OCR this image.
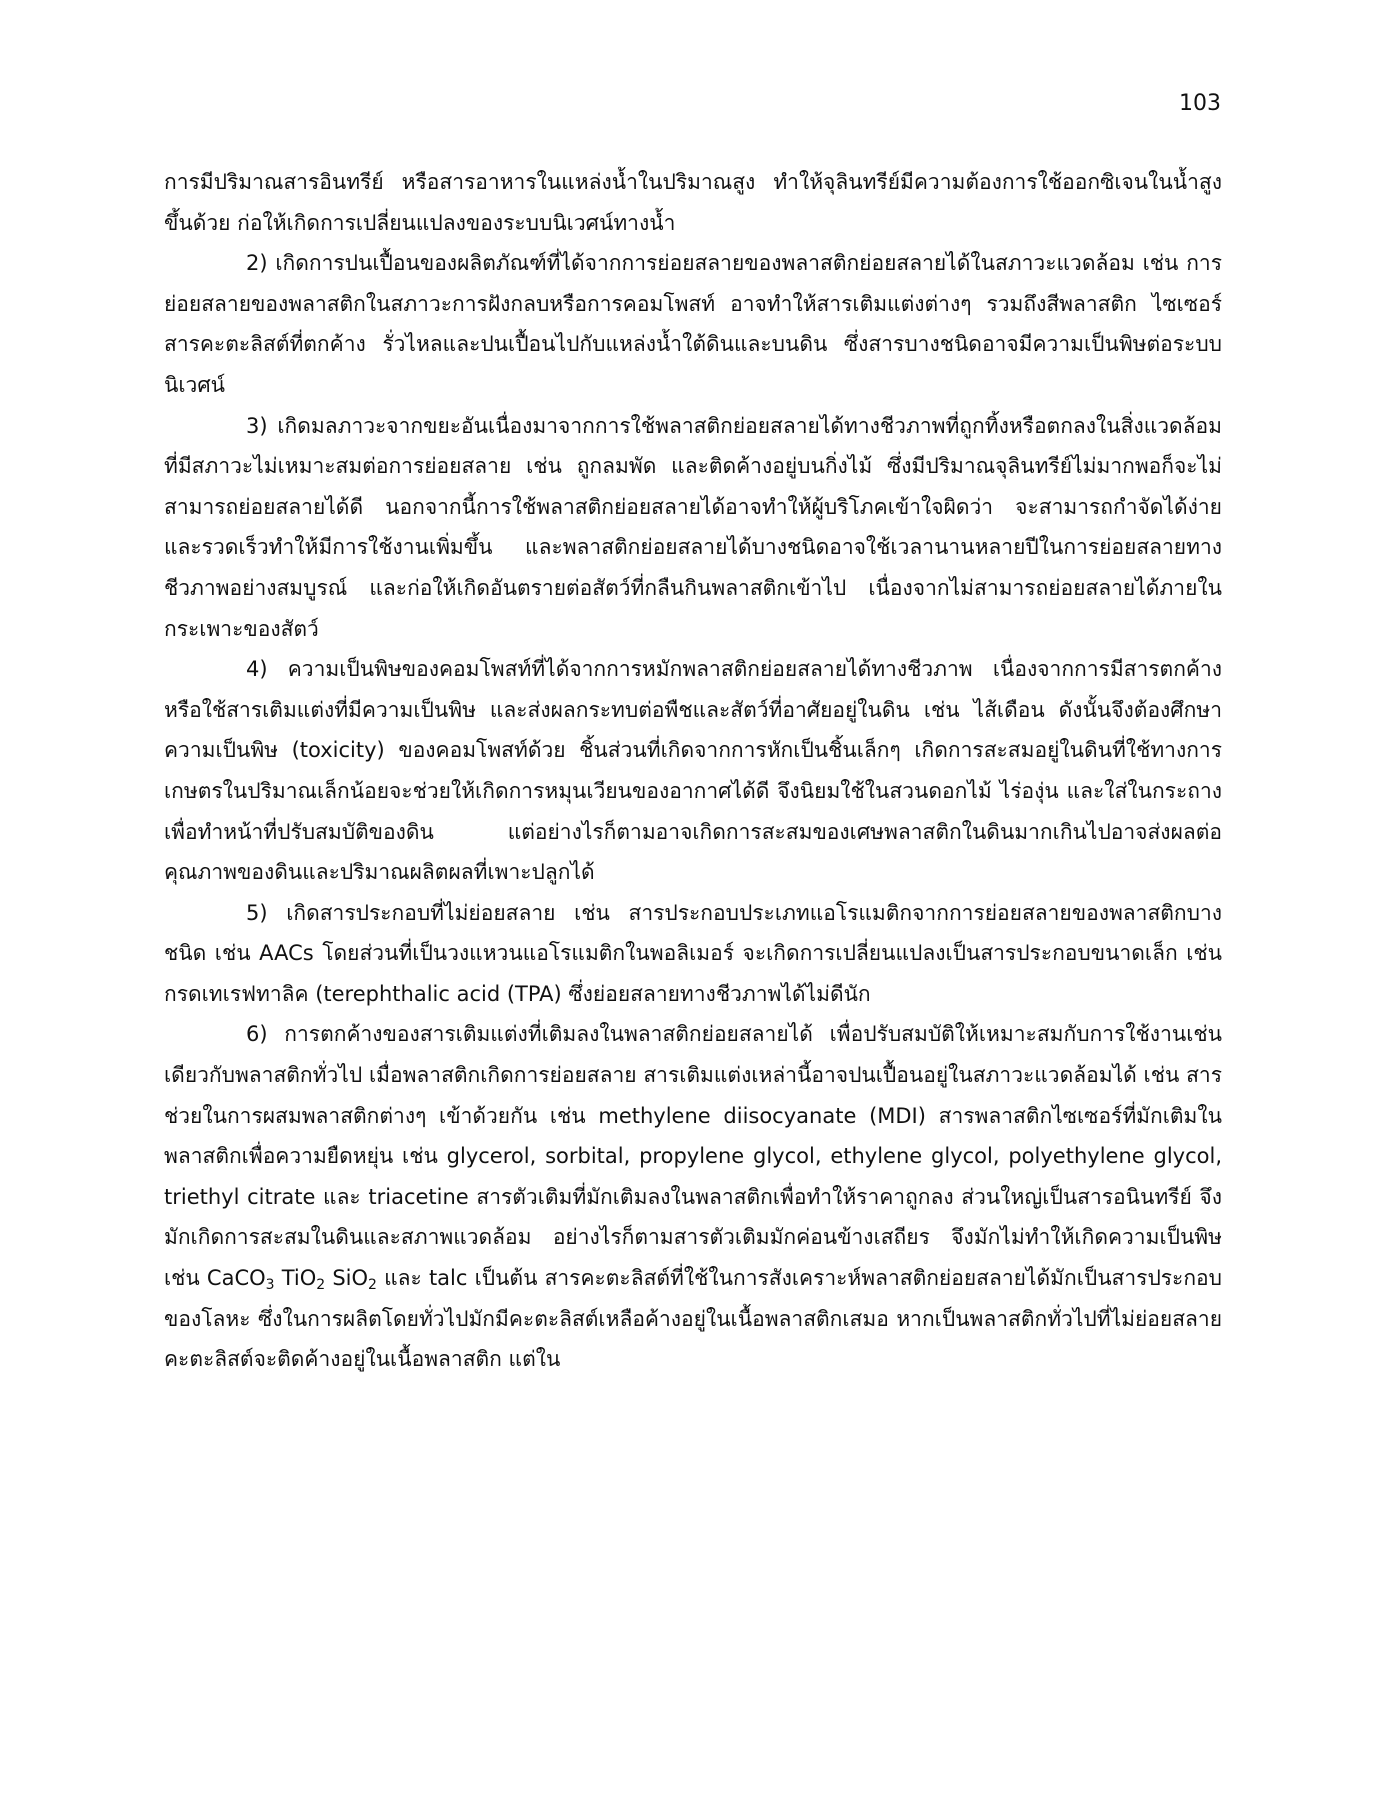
103

การมีปริมาณสารอินทรีย์ หรือสารอาหารในแหล่งน้ำในปริมาณสูง ทำให้จุลินทรีย์มีความต้องการใช้ออกซิเจนในน้ำสูงขึ้นด้วย ก่อให้เกิดการเปลี่ยนแปลงของระบบนิเวศน์ทางน้ำ

2) เกิดการปนเปื้อนของผลิตภัณฑ์ที่ได้จากการย่อยสลายของพลาสติกย่อยสลายได้ในสภาวะแวดล้อม เช่น การย่อยสลายของพลาสติกในสภาวะการฝังกลบหรือการคอมโพสท์ อาจทำให้สารเติมแต่งต่างๆ รวมถึงสีพลาสติก ไซเซอร์ สารคะตะลิสต์ที่ตกค้าง รั่วไหลและปนเปื้อนไปกับแหล่งน้ำใต้ดินและบนดิน ซึ่งสารบางชนิดอาจมีความเป็นพิษต่อระบบนิเวศน์

3) เกิดมลภาวะจากขยะอันเนื่องมาจากการใช้พลาสติกย่อยสลายได้ทางชีวภาพที่ถูกทิ้งหรือตกลงในสิ่งแวดล้อมที่มีสภาวะไม่เหมาะสมต่อการย่อยสลาย เช่น ถูกลมพัด และติดค้างอยู่บนกิ่งไม้ ซึ่งมีปริมาณจุลินทรีย์ไม่มากพอก็จะไม่สามารถย่อยสลายได้ดี นอกจากนี้การใช้พลาสติกย่อยสลายได้อาจทำให้ผู้บริโภคเข้าใจผิดว่า จะสามารถกำจัดได้ง่ายและรวดเร็วทำให้มีการใช้งานเพิ่มขึ้น และพลาสติกย่อยสลายได้บางชนิดอาจใช้เวลานานหลายปีในการย่อยสลายทางชีวภาพอย่างสมบูรณ์ และก่อให้เกิดอันตรายต่อสัตว์ที่กลืนกินพลาสติกเข้าไป เนื่องจากไม่สามารถย่อยสลายได้ภายในกระเพาะของสัตว์

4) ความเป็นพิษของคอมโพสท์ที่ได้จากการหมักพลาสติกย่อยสลายได้ทางชีวภาพ เนื่องจากการมีสารตกค้าง หรือใช้สารเติมแต่งที่มีความเป็นพิษ และส่งผลกระทบต่อพืชและสัตว์ที่อาศัยอยู่ในดิน เช่น ไส้เดือน ดังนั้นจึงต้องศึกษาความเป็นพิษ (toxicity) ของคอมโพสท์ด้วย ชิ้นส่วนที่เกิดจากการหักเป็นชิ้นเล็กๆ เกิดการสะสมอยู่ในดินที่ใช้ทางการเกษตรในปริมาณเล็กน้อยจะช่วยให้เกิดการหมุนเวียนของอากาศได้ดี จึงนิยมใช้ในสวนดอกไม้ ไร่องุ่น และใส่ในกระถางเพื่อทำหน้าที่ปรับสมบัติของดิน แต่อย่างไรก็ตามอาจเกิดการสะสมของเศษพลาสติกในดินมากเกินไปอาจส่งผลต่อคุณภาพของดินและปริมาณผลิตผลที่เพาะปลูกได้

5) เกิดสารประกอบที่ไม่ย่อยสลาย เช่น สารประกอบประเภทแอโรแมติกจากการย่อยสลายของพลาสติกบางชนิด เช่น AACs โดยส่วนที่เป็นวงแหวนแอโรแมติกในพอลิเมอร์ จะเกิดการเปลี่ยนแปลงเป็นสารประกอบขนาดเล็ก เช่น กรดเทเรฟทาลิค (terephthalic acid (TPA) ซึ่งย่อยสลายทางชีวภาพได้ไม่ดีนัก

6) การตกค้างของสารเติมแต่งที่เติมลงในพลาสติกย่อยสลายได้ เพื่อปรับสมบัติให้เหมาะสมกับการใช้งานเช่นเดียวกับพลาสติกทั่วไป เมื่อพลาสติกเกิดการย่อยสลาย สารเติมแต่งเหล่านี้อาจปนเปื้อนอยู่ในสภาวะแวดล้อมได้ เช่น สารช่วยในการผสมพลาสติกต่างๆ เข้าด้วยกัน เช่น methylene diisocyanate (MDI) สารพลาสติกไซเซอร์ที่มักเติมในพลาสติกเพื่อความยืดหยุ่น เช่น glycerol, sorbital, propylene glycol, ethylene glycol, polyethylene glycol, triethyl citrate และ triacetine สารตัวเติมที่มักเติมลงในพลาสติกเพื่อทำให้ราคาถูกลง ส่วนใหญ่เป็นสารอนินทรีย์ จึงมักเกิดการสะสมในดินและสภาพแวดล้อม อย่างไรก็ตามสารตัวเติมมักค่อนข้างเสถียร จึงมักไม่ทำให้เกิดความเป็นพิษ เช่น CaCO$_3$ TiO$_2$ SiO$_2$ และ talc เป็นต้น สารคะตะลิสต์ที่ใช้ในการสังเคราะห์พลาสติกย่อยสลายได้มักเป็นสารประกอบของโลหะ ซึ่งในการผลิตโดยทั่วไปมักมีคะตะลิสต์เหลือค้างอยู่ในเนื้อพลาสติกเสมอ หากเป็นพลาสติกทั่วไปที่ไม่ย่อยสลาย คะตะลิสต์จะติดค้างอยู่ในเนื้อพลาสติก แต่ใน
